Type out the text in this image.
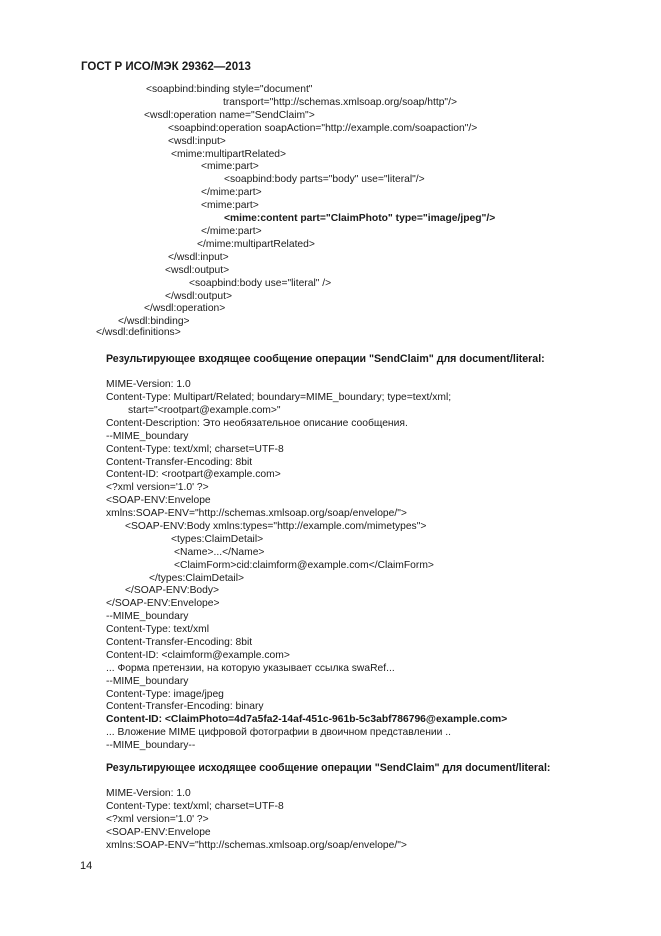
ГОСТ Р ИСО/МЭК 29362—2013
<soapbind:binding style="document"
transport="http://schemas.xmlsoap.org/soap/http"/>
<wsdl:operation name="SendClaim">
<soapbind:operation soapAction="http://example.com/soapaction"/>
<wsdl:input>
<mime:multipartRelated>
<mime:part>
<soapbind:body parts="body" use="literal"/>
</mime:part>
<mime:part>
<mime:content part="ClaimPhoto" type="image/jpeg"/>
</mime:part>
</mime:multipartRelated>
</wsdl:input>
<wsdl:output>
<soapbind:body use="literal" />
</wsdl:output>
</wsdl:operation>
</wsdl:binding>
</wsdl:definitions>
Результирующее входящее сообщение операции "SendClaim" для document/literal:
MIME-Version: 1.0
Content-Type: Multipart/Related; boundary=MIME_boundary; type=text/xml;
start="<rootpart@example.com>"
Content-Description: Это необязательное описание сообщения.
--MIME_boundary
Content-Type: text/xml; charset=UTF-8
Content-Transfer-Encoding: 8bit
Content-ID: <rootpart@example.com>
<?xml version='1.0' ?>
<SOAP-ENV:Envelope
xmlns:SOAP-ENV="http://schemas.xmlsoap.org/soap/envelope/">
<SOAP-ENV:Body xmlns:types="http://example.com/mimetypes">
<types:ClaimDetail>
<Name>...</Name>
<ClaimForm>cid:claimform@example.com</ClaimForm>
</types:ClaimDetail>
</SOAP-ENV:Body>
</SOAP-ENV:Envelope>
--MIME_boundary
Content-Type: text/xml
Content-Transfer-Encoding: 8bit
Content-ID: <claimform@example.com>
... Форма претензии, на которую указывает ссылка swaRef...
--MIME_boundary
Content-Type: image/jpeg
Content-Transfer-Encoding: binary
Content-ID: <ClaimPhoto=4d7a5fa2-14af-451c-961b-5c3abf786796@example.com>
... Вложение MIME цифровой фотографии в двоичном представлении ..
--MIME_boundary--
Результирующее исходящее сообщение операции "SendClaim" для document/literal:
MIME-Version: 1.0
Content-Type: text/xml; charset=UTF-8
<?xml version='1.0' ?>
<SOAP-ENV:Envelope
xmlns:SOAP-ENV="http://schemas.xmlsoap.org/soap/envelope/">
14
